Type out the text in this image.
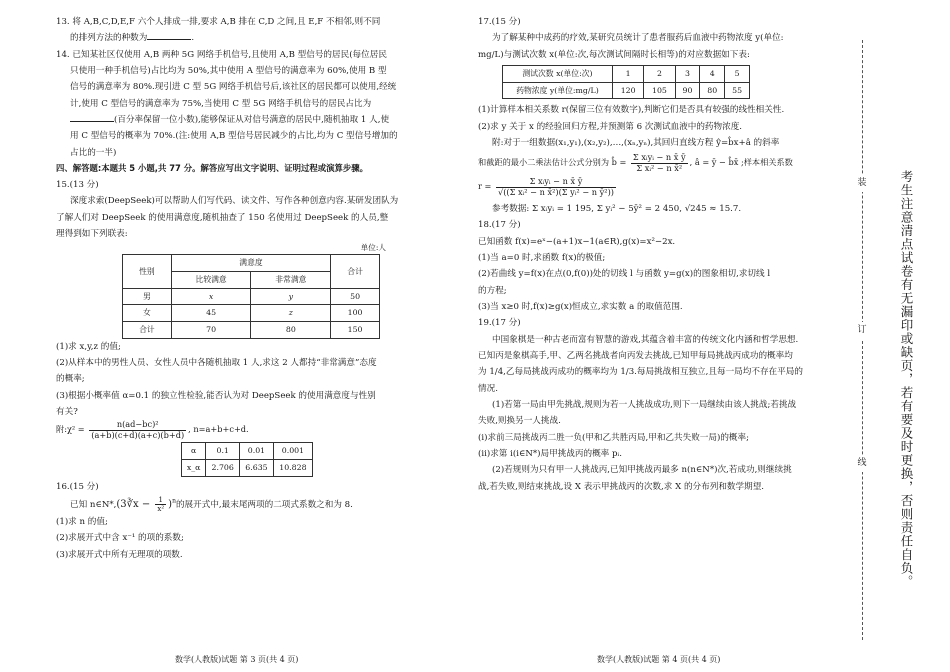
13. 将 A,B,C,D,E,F 六个人排成一排,要求 A,B 排在 C,D 之间,且 E,F 不相邻,则不同

的排列方法的种数为	.

14. 已知某社区仅使用 A,B 两种 5G 网络手机信号,且使用 A,B 型信号的居民(每位居民

只使用一种手机信号)占比均为 50%,其中使用 A 型信号的满意率为 60%,使用 B 型

信号的满意率为 80%.现引进 C 型 5G 网络手机信号后,该社区的居民都可以使用,经统

计,使用 C 型信号的满意率为 75%,当使用 C 型 5G 网络手机信号的居民占比为

(百分率保留一位小数),能够保证从对信号满意的居民中,随机抽取 1 人,使

用 C 型信号的概率为 70%.(注:使用 A,B 型信号居民减少的占比,均为 C 型信号增加的

占比的一半)

四、解答题:本题共 5 小题,共 77 分。解答应写出文字说明、证明过程或演算步骤。

15.(13 分)

深度求索(DeepSeek)可以帮助人们写代码、读文件、写作各种创意内容.某研发团队为

了解人们对 DeepSeek 的使用满意度,随机抽查了 150 名使用过 DeepSeek 的人员,整

理得到如下列联表:

单位:人

性别	满意度		合计
	比较满意	非常满意	
男	x	y	50
女	45	z	100
合计	70	80	150

(1)求 x,y,z 的值;

(2)从样本中的男性人员、女性人员中各随机抽取 1 人,求这 2 人都持“非常满意”态度

的概率;

(3)根据小概率值 α=0.1 的独立性检验,能否认为对 DeepSeek 的使用满意度与性别

有关?

附:χ² = $\frac{\text{n(ad−bc)²}}{(a+b)(c+d)(a+c)(b+d)}$ , n=a+b+c+d.

α	0.1	0.01	0.001
x_α	2.706	6.635	10.828

16.(15 分)

已知 n∈N*,(3∛x − $\frac{1}{\text{x²}} )^n$的展开式中,最末尾两项的二项式系数之和为 8.

(1)求 n 的值;

(2)求展开式中含 x⁻¹ 的项的系数;

(3)求展开式中所有无理项的项数.

17.(15 分)

为了解某种中成药的疗效,某研究员统计了患者服药后血液中药物浓度 y(单位:

mg/L)与测试次数 x(单位:次,每次测试间隔时长相等)的对应数据如下表:

测试次数 x(单位:次)	1	2	3	4	5
药物浓度 y(单位:mg/L)	120	105	90	80	55

(1)计算样本相关系数 r(保留三位有效数字),判断它们是否具有较强的线性相关性.

(2)求 y 关于 x 的经验回归方程,并预测第 6 次测试血液中的药物浓度.

附:对于一组数据(x₁,y₁),(x₂,y₂),…,(xₙ,yₙ),其回归直线方程 ŷ=b̂x+â 的斜率

和截距的最小二乘法估计公式分别为 b̂ = $\frac{\text{Σ xᵢyᵢ − n x̄ ȳ}}{\text{Σ xᵢ² − n x̄²}}$ , â = ȳ − b̂x̄ ;样本相关系数

$r = \frac{\text{Σ xᵢyᵢ − n x̄ ȳ}}{\text{√((Σ xᵢ² − n x̄²)(Σ yᵢ² − n ȳ²))}}$

参考数据: Σ xᵢyᵢ = 1 195, Σ yᵢ² − 5ȳ² = 2 450, √245 ≈ 15.7.

18.(17 分)

已知函数 f(x)=eˣ−(a+1)x−1(a∈R),g(x)=x²−2x.

(1)当 a=0 时,求函数 f(x)的极值;

(2)若曲线 y=f(x)在点(0,f(0))处的切线 l 与函数 y=g(x)的图象相切,求切线 l

的方程;

(3)当 x≥0 时,f(x)≥g(x)恒成立,求实数 a 的取值范围.

19.(17 分)

中国象棋是一种古老而富有智慧的游戏,其蕴含着丰富的传统文化内涵和哲学思想.

已知丙是象棋高手,甲、乙两名挑战者向丙发去挑战,已知甲每局挑战丙成功的概率均

为 1/4,乙每局挑战丙成功的概率均为 1/3.每局挑战相互独立,且每一局均不存在平局的

情况.

(1)若第一局由甲先挑战,规则为若一人挑战成功,则下一局继续由该人挑战;若挑战

失败,则换另一人挑战.

(i)求前三局挑战丙二胜一负(甲和乙共胜丙局,甲和乙共失败一局)的概率;

(ii)求第 i(i∈N*)局甲挑战丙的概率 pᵢ.

(2)若规则为只有甲一人挑战丙,已知甲挑战丙最多 n(n∈N*)次,若成功,则继续挑

战,若失败,则结束挑战,设 X 表示甲挑战丙的次数,求 X 的分布列和数学期望.

数学(人教版)试题 第 3 页(共 4 页)	数学(人教版)试题 第 4 页(共 4 页)
装
订
线	考生注意清点试卷有无漏印或缺页，若有要及时更换，否则责任自负。
